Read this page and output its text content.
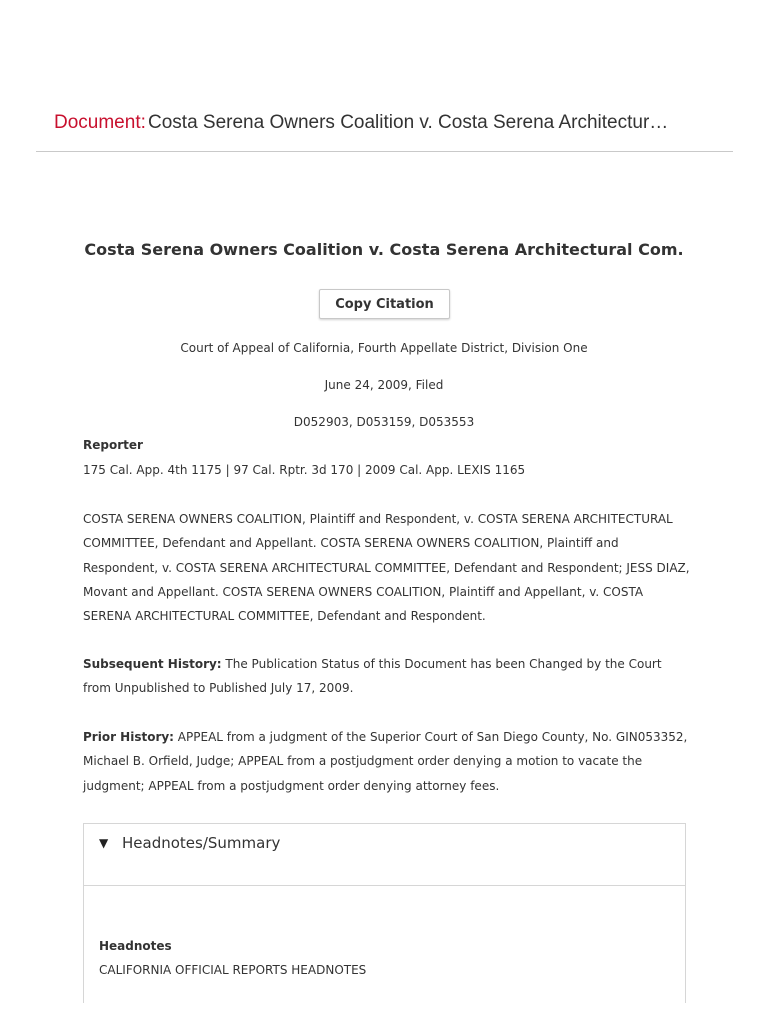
Document: Costa Serena Owners Coalition v. Costa Serena Architectur…
Costa Serena Owners Coalition v. Costa Serena Architectural Com.
Copy Citation
Court of Appeal of California, Fourth Appellate District, Division One
June 24, 2009, Filed
D052903, D053159, D053553
Reporter
175 Cal. App. 4th 1175 | 97 Cal. Rptr. 3d 170 | 2009 Cal. App. LEXIS 1165
COSTA SERENA OWNERS COALITION, Plaintiff and Respondent, v. COSTA SERENA ARCHITECTURAL COMMITTEE, Defendant and Appellant. COSTA SERENA OWNERS COALITION, Plaintiff and Respondent, v. COSTA SERENA ARCHITECTURAL COMMITTEE, Defendant and Respondent; JESS DIAZ, Movant and Appellant. COSTA SERENA OWNERS COALITION, Plaintiff and Appellant, v. COSTA SERENA ARCHITECTURAL COMMITTEE, Defendant and Respondent.
Subsequent History: The Publication Status of this Document has been Changed by the Court from Unpublished to Published July 17, 2009.
Prior History: APPEAL from a judgment of the Superior Court of San Diego County, No. GIN053352, Michael B. Orfield, Judge; APPEAL from a postjudgment order denying a motion to vacate the judgment; APPEAL from a postjudgment order denying attorney fees.
▼ Headnotes/Summary
Headnotes
CALIFORNIA OFFICIAL REPORTS HEADNOTES
